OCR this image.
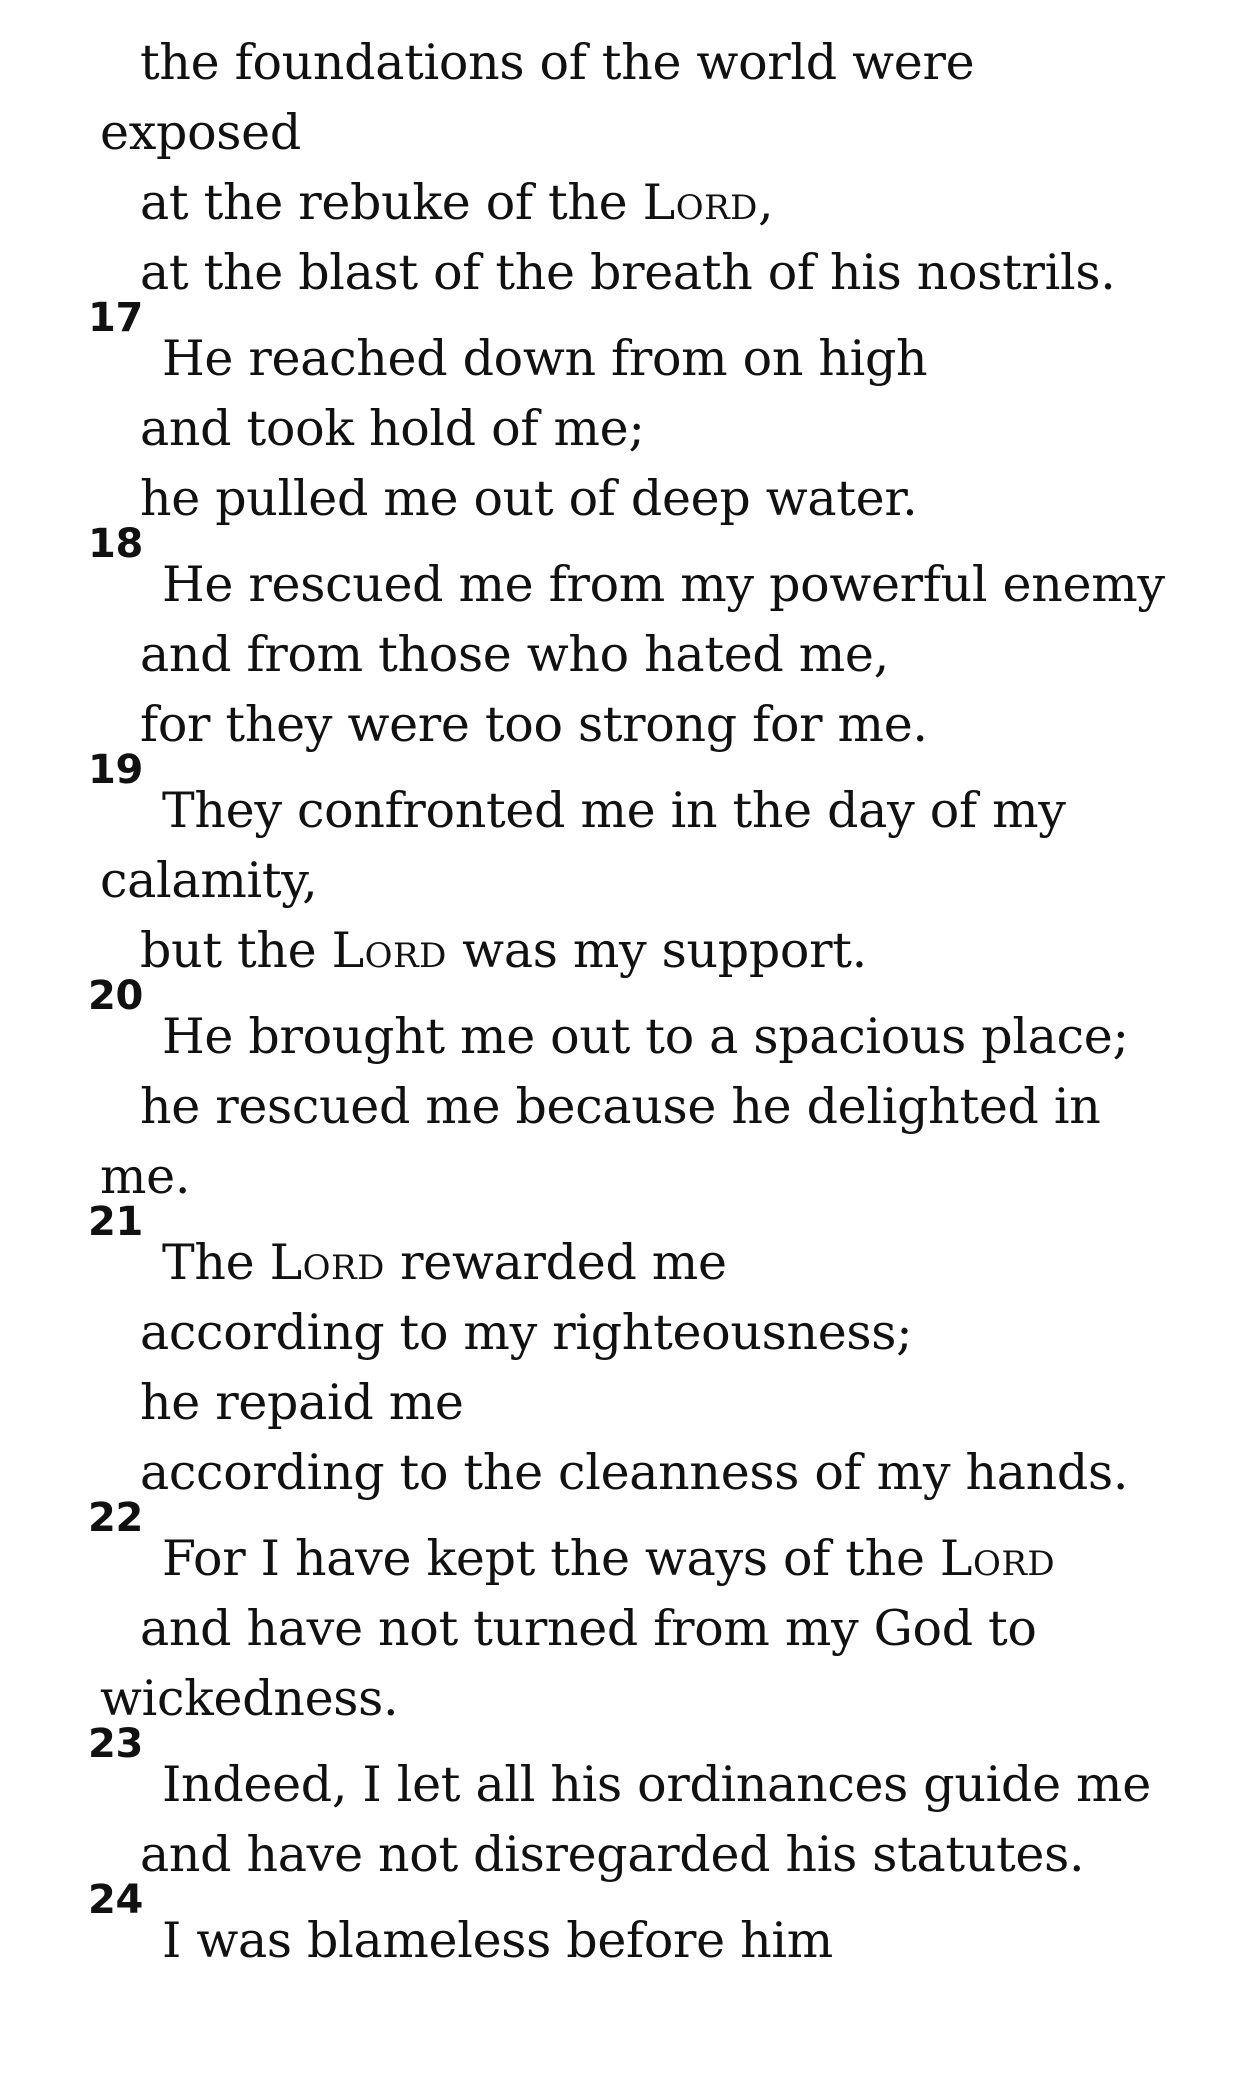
the foundations of the world were
exposed
at the rebuke of the Lord,
at the blast of the breath of his nostrils.
17
He reached down from on high
and took hold of me;
he pulled me out of deep water.
18
He rescued me from my powerful enemy
and from those who hated me,
for they were too strong for me.
19
They confronted me in the day of my
calamity,
but the Lord was my support.
20
He brought me out to a spacious place;
he rescued me because he delighted in
me.
21
The Lord rewarded me
according to my righteousness;
he repaid me
according to the cleanness of my hands.
22
For I have kept the ways of the Lord
and have not turned from my God to
wickedness.
23
Indeed, I let all his ordinances guide me
and have not disregarded his statutes.
24
I was blameless before him
